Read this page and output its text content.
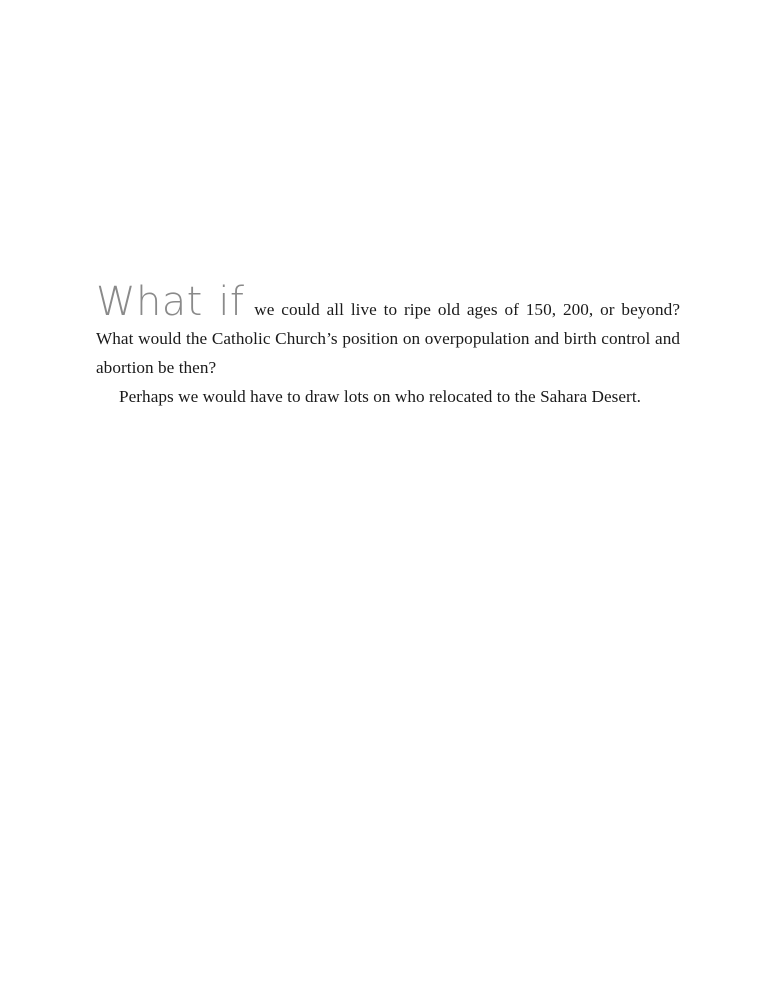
What if we could all live to ripe old ages of 150, 200, or beyond? What would the Catholic Church’s position on overpopulation and birth control and abortion be then?

Perhaps we would have to draw lots on who relocated to the Sahara Desert.
